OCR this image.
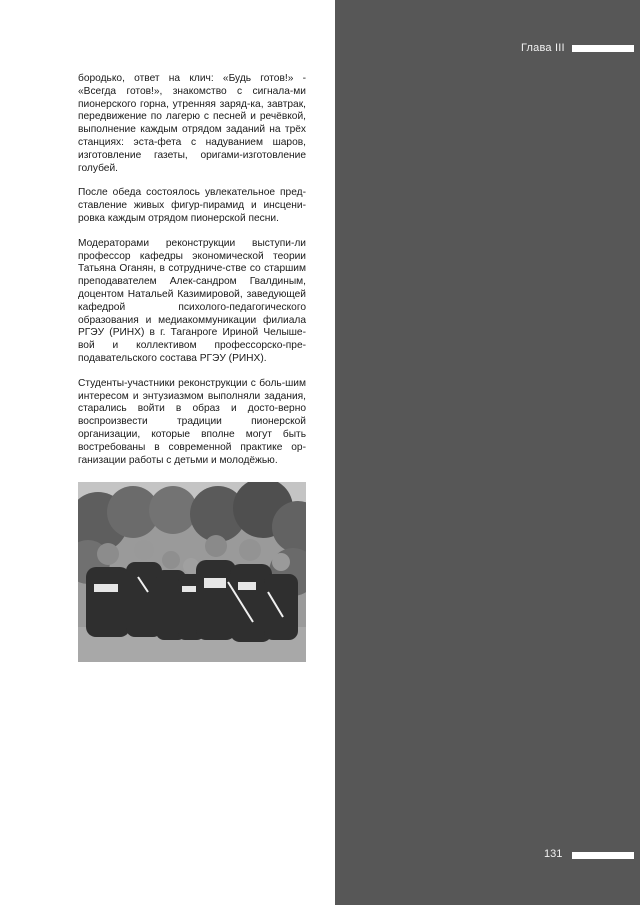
Глава III

бородько, ответ на клич: «Будь готов!» - «Всегда готов!», знакомство с сигнала-ми пионерского горна, утренняя заряд-ка, завтрак, передвижение по лагерю с песней и речёвкой, выполнение каждым отрядом заданий на трёх станциях: эста-фета с надуванием шаров, изготовление газеты, оригами-изготовление голубей.

После обеда состоялось увлекательное пред-ставление живых фигур-пирамид и инсцени-ровка каждым отрядом пионерской песни.

Модераторами реконструкции выступи-ли профессор кафедры экономической теории Татьяна Оганян, в сотрудниче-стве со старшим преподавателем Алек-сандром Гвалдиным, доцентом Натальей Казимировой, заведующей кафедрой психолого-педагогического образования и медиакоммуникации филиала РГЭУ (РИНХ) в г. Таганроге Ириной Челыше-вой и коллективом профессорско-пре-подавательского состава РГЭУ (РИНХ).

Студенты-участники реконструкции с боль-шим интересом и энтузиазмом выполняли задания, старались войти в образ и досто-верно воспроизвести традиции пионерской организации, которые вполне могут быть востребованы в современной практике ор-ганизации работы с детьми и молодёжью.

131
